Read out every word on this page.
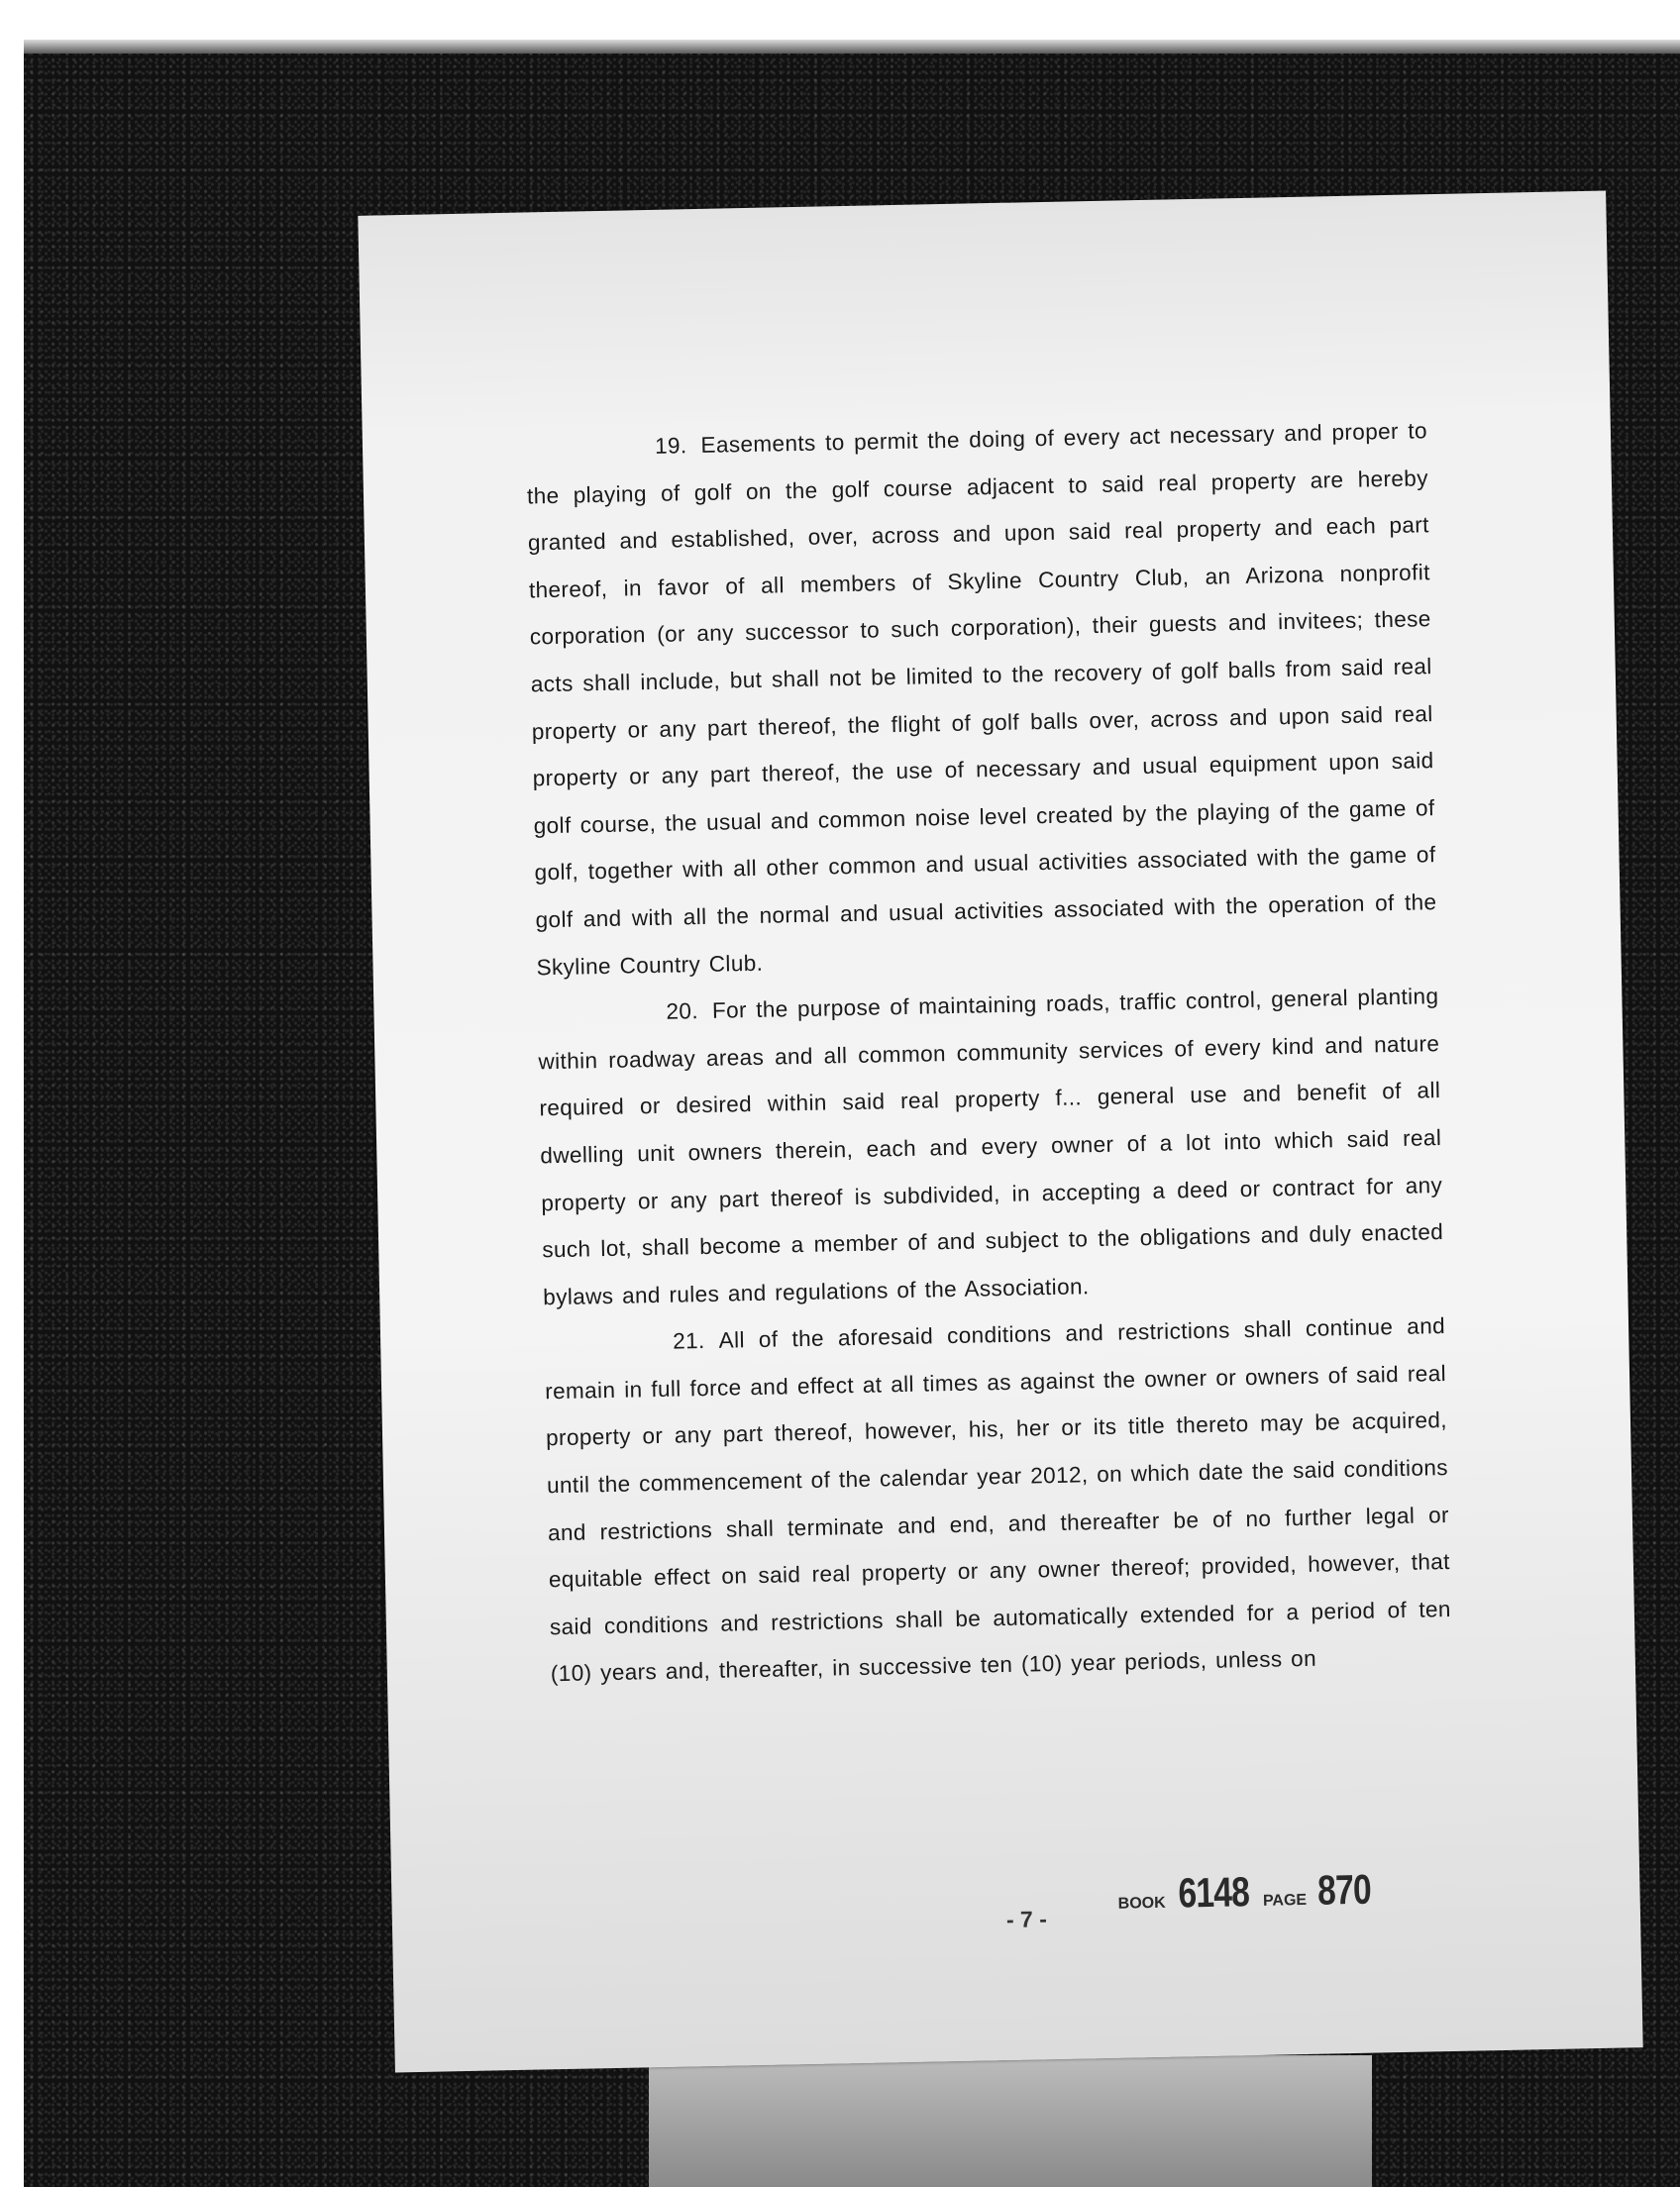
19. Easements to permit the doing of every act necessary and proper to the playing of golf on the golf course adjacent to said real property are hereby granted and established, over, across and upon said real property and each part thereof, in favor of all members of Skyline Country Club, an Arizona nonprofit corporation (or any successor to such corporation), their guests and invitees; these acts shall include, but shall not be limited to the recovery of golf balls from said real property or any part thereof, the flight of golf balls over, across and upon said real property or any part thereof, the use of necessary and usual equipment upon said golf course, the usual and common noise level created by the playing of the game of golf, together with all other common and usual activities associated with the game of golf and with all the normal and usual activities associated with the operation of the Skyline Country Club.

20. For the purpose of maintaining roads, traffic control, general planting within roadway areas and all common community services of every kind and nature required or desired within said real property f... general use and benefit of all dwelling unit owners therein, each and every owner of a lot into which said real property or any part thereof is subdivided, in accepting a deed or contract for any such lot, shall become a member of and subject to the obligations and duly enacted bylaws and rules and regulations of the Association.

21. All of the aforesaid conditions and restrictions shall continue and remain in full force and effect at all times as against the owner or owners of said real property or any part thereof, however, his, her or its title thereto may be acquired, until the commencement of the calendar year 2012, on which date the said conditions and restrictions shall terminate and end, and thereafter be of no further legal or equitable effect on said real property or any owner thereof; provided, however, that said conditions and restrictions shall be automatically extended for a period of ten (10) years and, thereafter, in successive ten (10) year periods, unless on

- 7 -
BOOK 6148 PAGE 870
